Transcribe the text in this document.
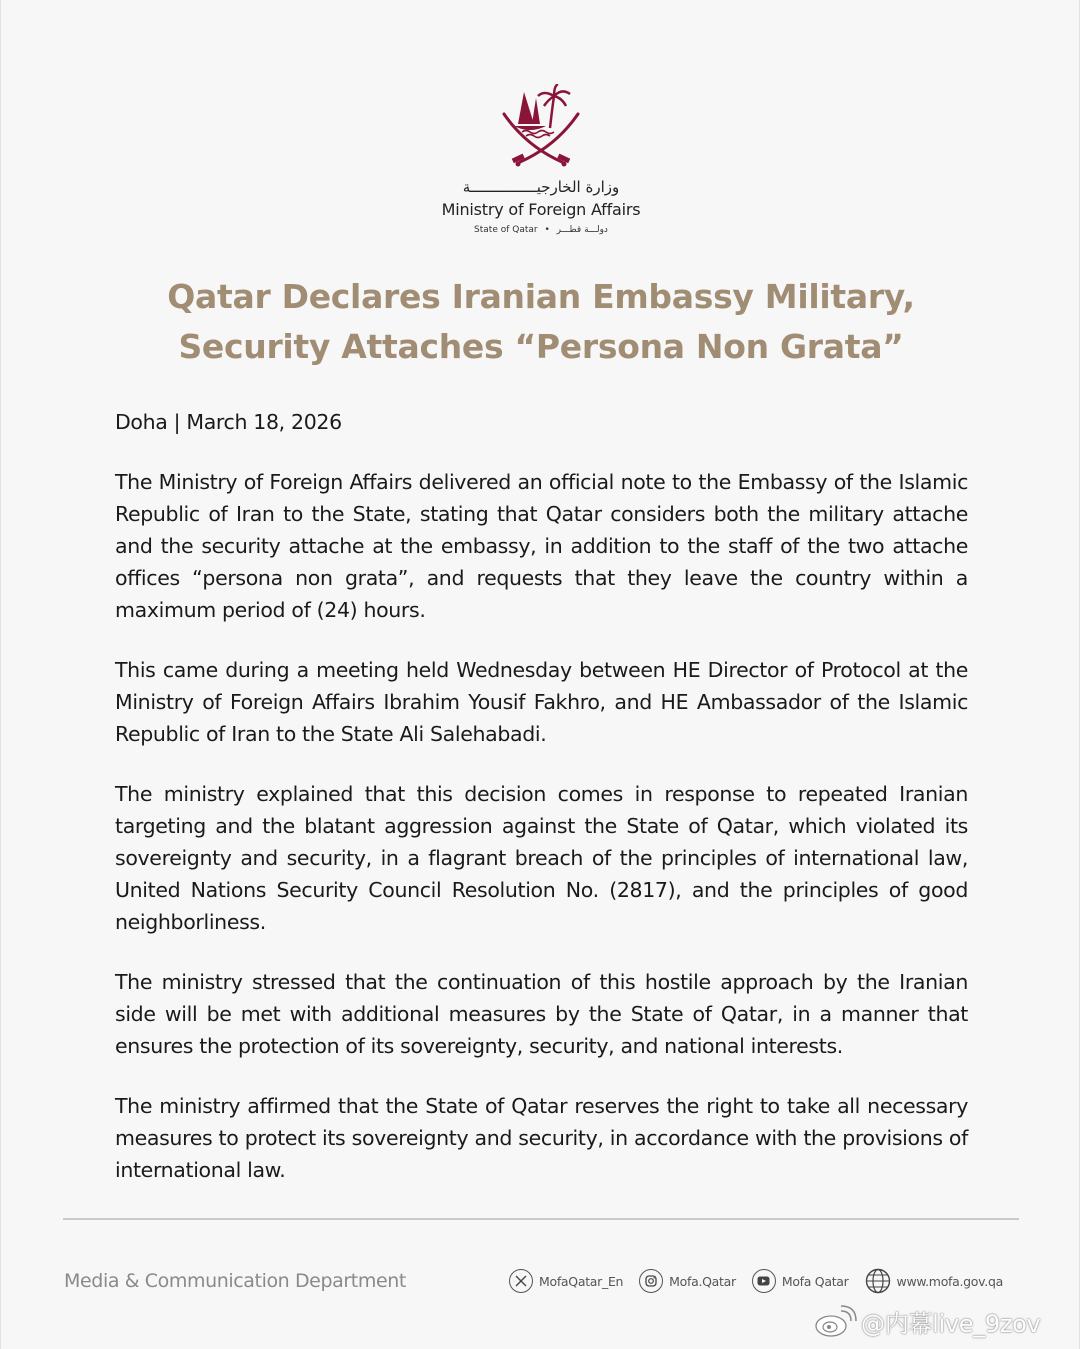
وزارة الخارجيـــــــــــــــة
Ministry of Foreign Affairs
State of Qatar • دولـــة قطـــر
Qatar Declares Iranian Embassy Military,
Security Attaches “Persona Non Grata”
Doha | March 18, 2026

The Ministry of Foreign Affairs delivered an official note to the Embassy of the Islamic Republic of Iran to the State, stating that Qatar considers both the military attache and the security attache at the embassy, in addition to the staff of the two attache offices “persona non grata”, and requests that they leave the country within a maximum period of (24) hours.

This came during a meeting held Wednesday between HE Director of Protocol at the Ministry of Foreign Affairs Ibrahim Yousif Fakhro, and HE Ambassador of the Islamic Republic of Iran to the State Ali Salehabadi.

The ministry explained that this decision comes in response to repeated Iranian targeting and the blatant aggression against the State of Qatar, which violated its sovereignty and security, in a flagrant breach of the principles of international law, United Nations Security Council Resolution No. (2817), and the principles of good neighborliness.

The ministry stressed that the continuation of this hostile approach by the Iranian side will be met with additional measures by the State of Qatar, in a manner that ensures the protection of its sovereignty, security, and national interests.

The ministry affirmed that the State of Qatar reserves the right to take all necessary measures to protect its sovereignty and security, in accordance with the provisions of international law.

Media & Communication Department	MofaQatar_En	Mofa.Qatar	Mofa Qatar	www.mofa.gov.qa
@内幕live_9zov
